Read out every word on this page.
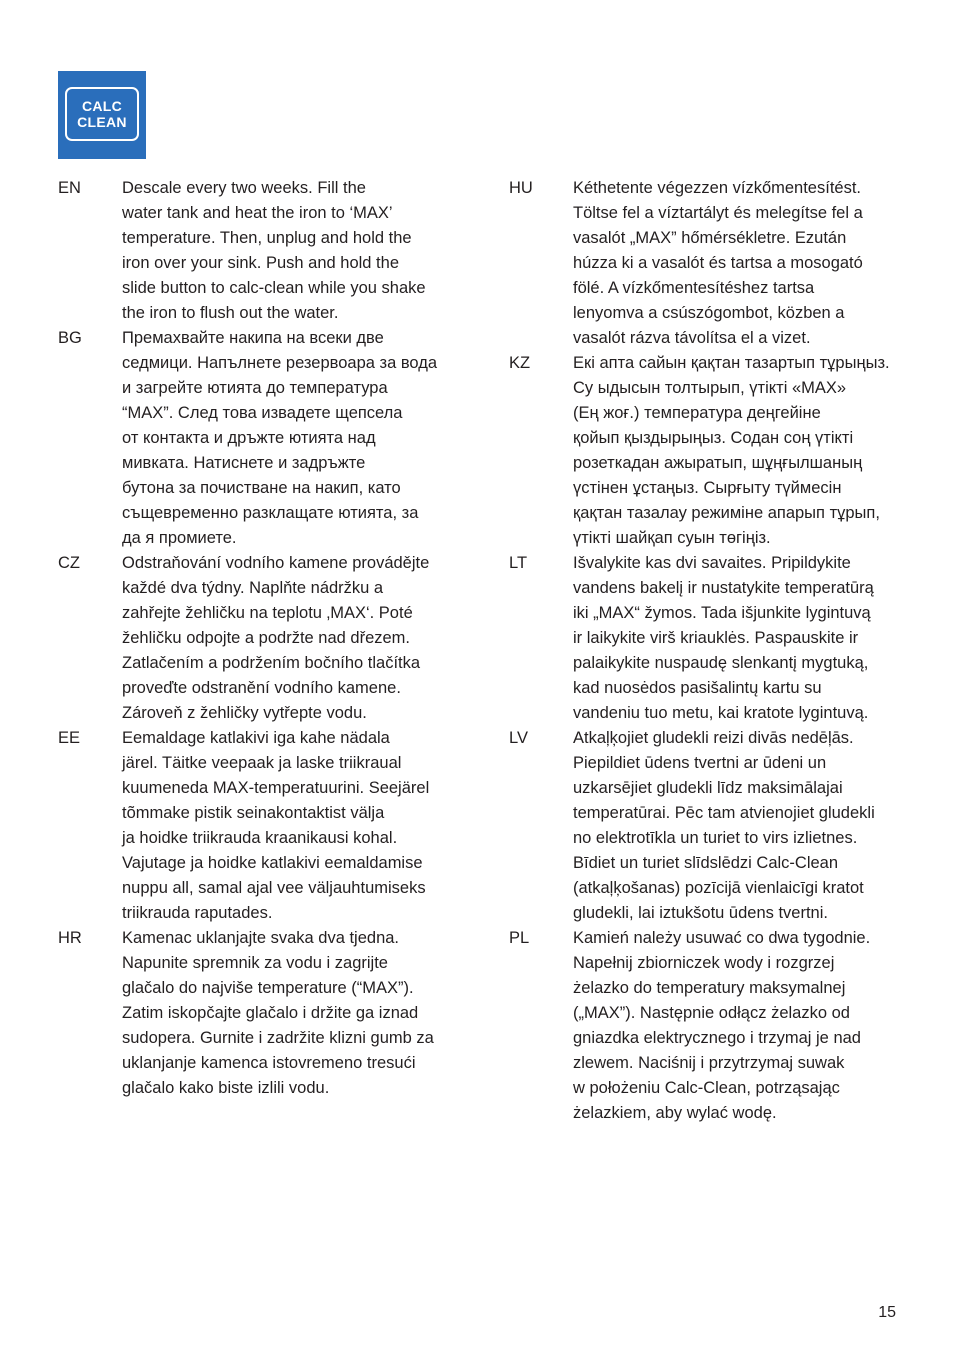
CALC
CLEAN
EN	Descale every two weeks. Fill the
water tank and heat the iron to ‘MAX’
temperature. Then, unplug and hold the
iron over your sink. Push and hold the
slide button to calc-clean while you shake
the iron to flush out the water.
BG	Премахвайте накипа на всеки две
седмици. Напълнете резервоара за вода
и загрейте ютията до температура
“MAX”. След това извадете щепсела
от контакта и дръжте ютията над
мивката. Натиснете и задръжте
бутона за почистване на накип, като
същевременно разклащате ютията, за
да я промиете.
CZ	Odstraňování vodního kamene provádějte
každé dva týdny. Naplňte nádržku a
zahřejte žehličku na teplotu ‚MAX‘. Poté
žehličku odpojte a podržte nad dřezem.
Zatlačením a podržením bočního tlačítka
proveďte odstranění vodního kamene.
Zároveň z žehličky vytřepte vodu.
EE	Eemaldage katlakivi iga kahe nädala
järel. Täitke veepaak ja laske triikraual
kuumeneda MAX-temperatuurini. Seejärel
tõmmake pistik seinakontaktist välja
ja hoidke triikrauda kraanikausi kohal.
Vajutage ja hoidke katlakivi eemaldamise
nuppu all, samal ajal vee väljauhtumiseks
triikrauda raputades.
HR	Kamenac uklanjajte svaka dva tjedna.
Napunite spremnik za vodu i zagrijte
glačalo do najviše temperature (“MAX”).
Zatim iskopčajte glačalo i držite ga iznad
sudopera. Gurnite i zadržite klizni gumb za
uklanjanje kamenca istovremeno tresući
glačalo kako biste izlili vodu.
HU	Kéthetente végezzen vízkőmentesítést.
Töltse fel a víztartályt és melegítse fel a
vasalót „MAX” hőmérsékletre. Ezután
húzza ki a vasalót és tartsa a mosogató
fölé. A vízkőmentesítéshez tartsa
lenyomva a csúszógombot, közben a
vasalót rázva távolítsa el a vizet.
KZ	Екі апта сайын қақтан тазартып тұрыңыз.
Су ыдысын толтырып, үтікті «MAX»
(Ең жоғ.) температура деңгейіне
қойып қыздырыңыз. Содан соң үтікті
розеткадан ажыратып, шұңғылшаның
үстінен ұстаңыз. Сырғыту түймесін
қақтан тазалау режиміне апарып тұрып,
үтікті шайқап суын төгіңіз.
LT	Išvalykite kas dvi savaites. Pripildykite
vandens bakelį ir nustatykite temperatūrą
iki „MAX“ žymos. Tada išjunkite lygintuvą
ir laikykite virš kriauklės. Paspauskite ir
palaikykite nuspaudę slenkantį mygtuką,
kad nuosėdos pasišalintų kartu su
vandeniu tuo metu, kai kratote lygintuvą.
LV	Atkaļķojiet gludekli reizi divās nedēļās.
Piepildiet ūdens tvertni ar ūdeni un
uzkarsējiet gludekli līdz maksimālajai
temperatūrai. Pēc tam atvienojiet gludekli
no elektrotīkla un turiet to virs izlietnes.
Bīdiet un turiet slīdslēdzi Calc-Clean
(atkaļķošanas) pozīcijā vienlaicīgi kratot
gludekli, lai iztukšotu ūdens tvertni.
PL	Kamień należy usuwać co dwa tygodnie.
Napełnij zbiorniczek wody i rozgrzej
żelazko do temperatury maksymalnej
(„MAX”). Następnie odłącz żelazko od
gniazdka elektrycznego i trzymaj je nad
zlewem. Naciśnij i przytrzymaj suwak
w położeniu Calc-Clean, potrząsając
żelazkiem, aby wylać wodę.
15
